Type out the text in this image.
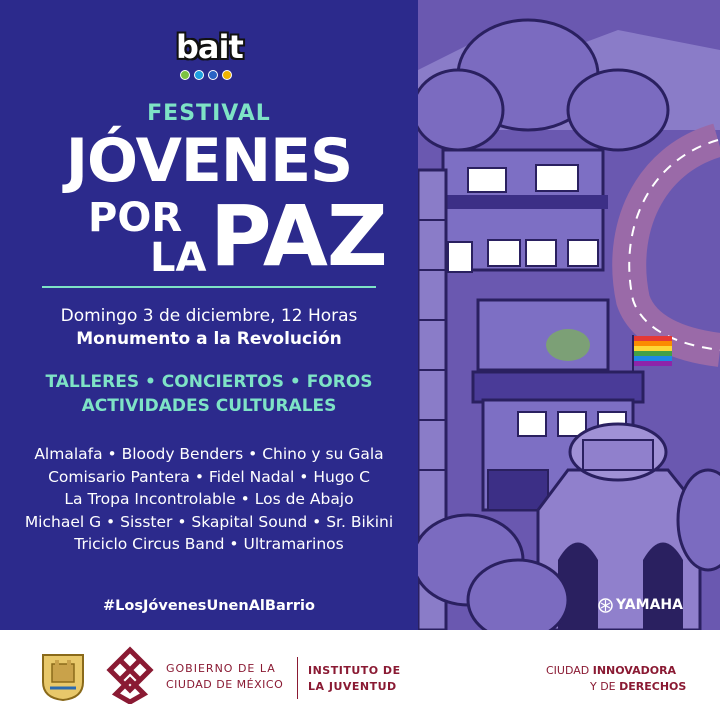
bait
FESTIVAL
JÓVENES
POR
LA PAZ
Domingo 3 de diciembre, 12 Horas
Monumento a la Revolución
TALLERES • CONCIERTOS • FOROS
ACTIVIDADES CULTURALES
Almalafa • Bloody Benders • Chino y su Gala
Comisario Pantera • Fidel Nadal • Hugo C
La Tropa Incontrolable • Los de Abajo
Michael G • Sisster • Skapital Sound • Sr. Bikini
Triciclo Circus Band • Ultramarinos
#LosJóvenesUnenAlBarrio	YAMAHA
GOBIERNO DE LA
CIUDAD DE MÉXICO
INSTITUTO DE
LA JUVENTUD
CIUDAD INNOVADORA
Y DE DERECHOS
